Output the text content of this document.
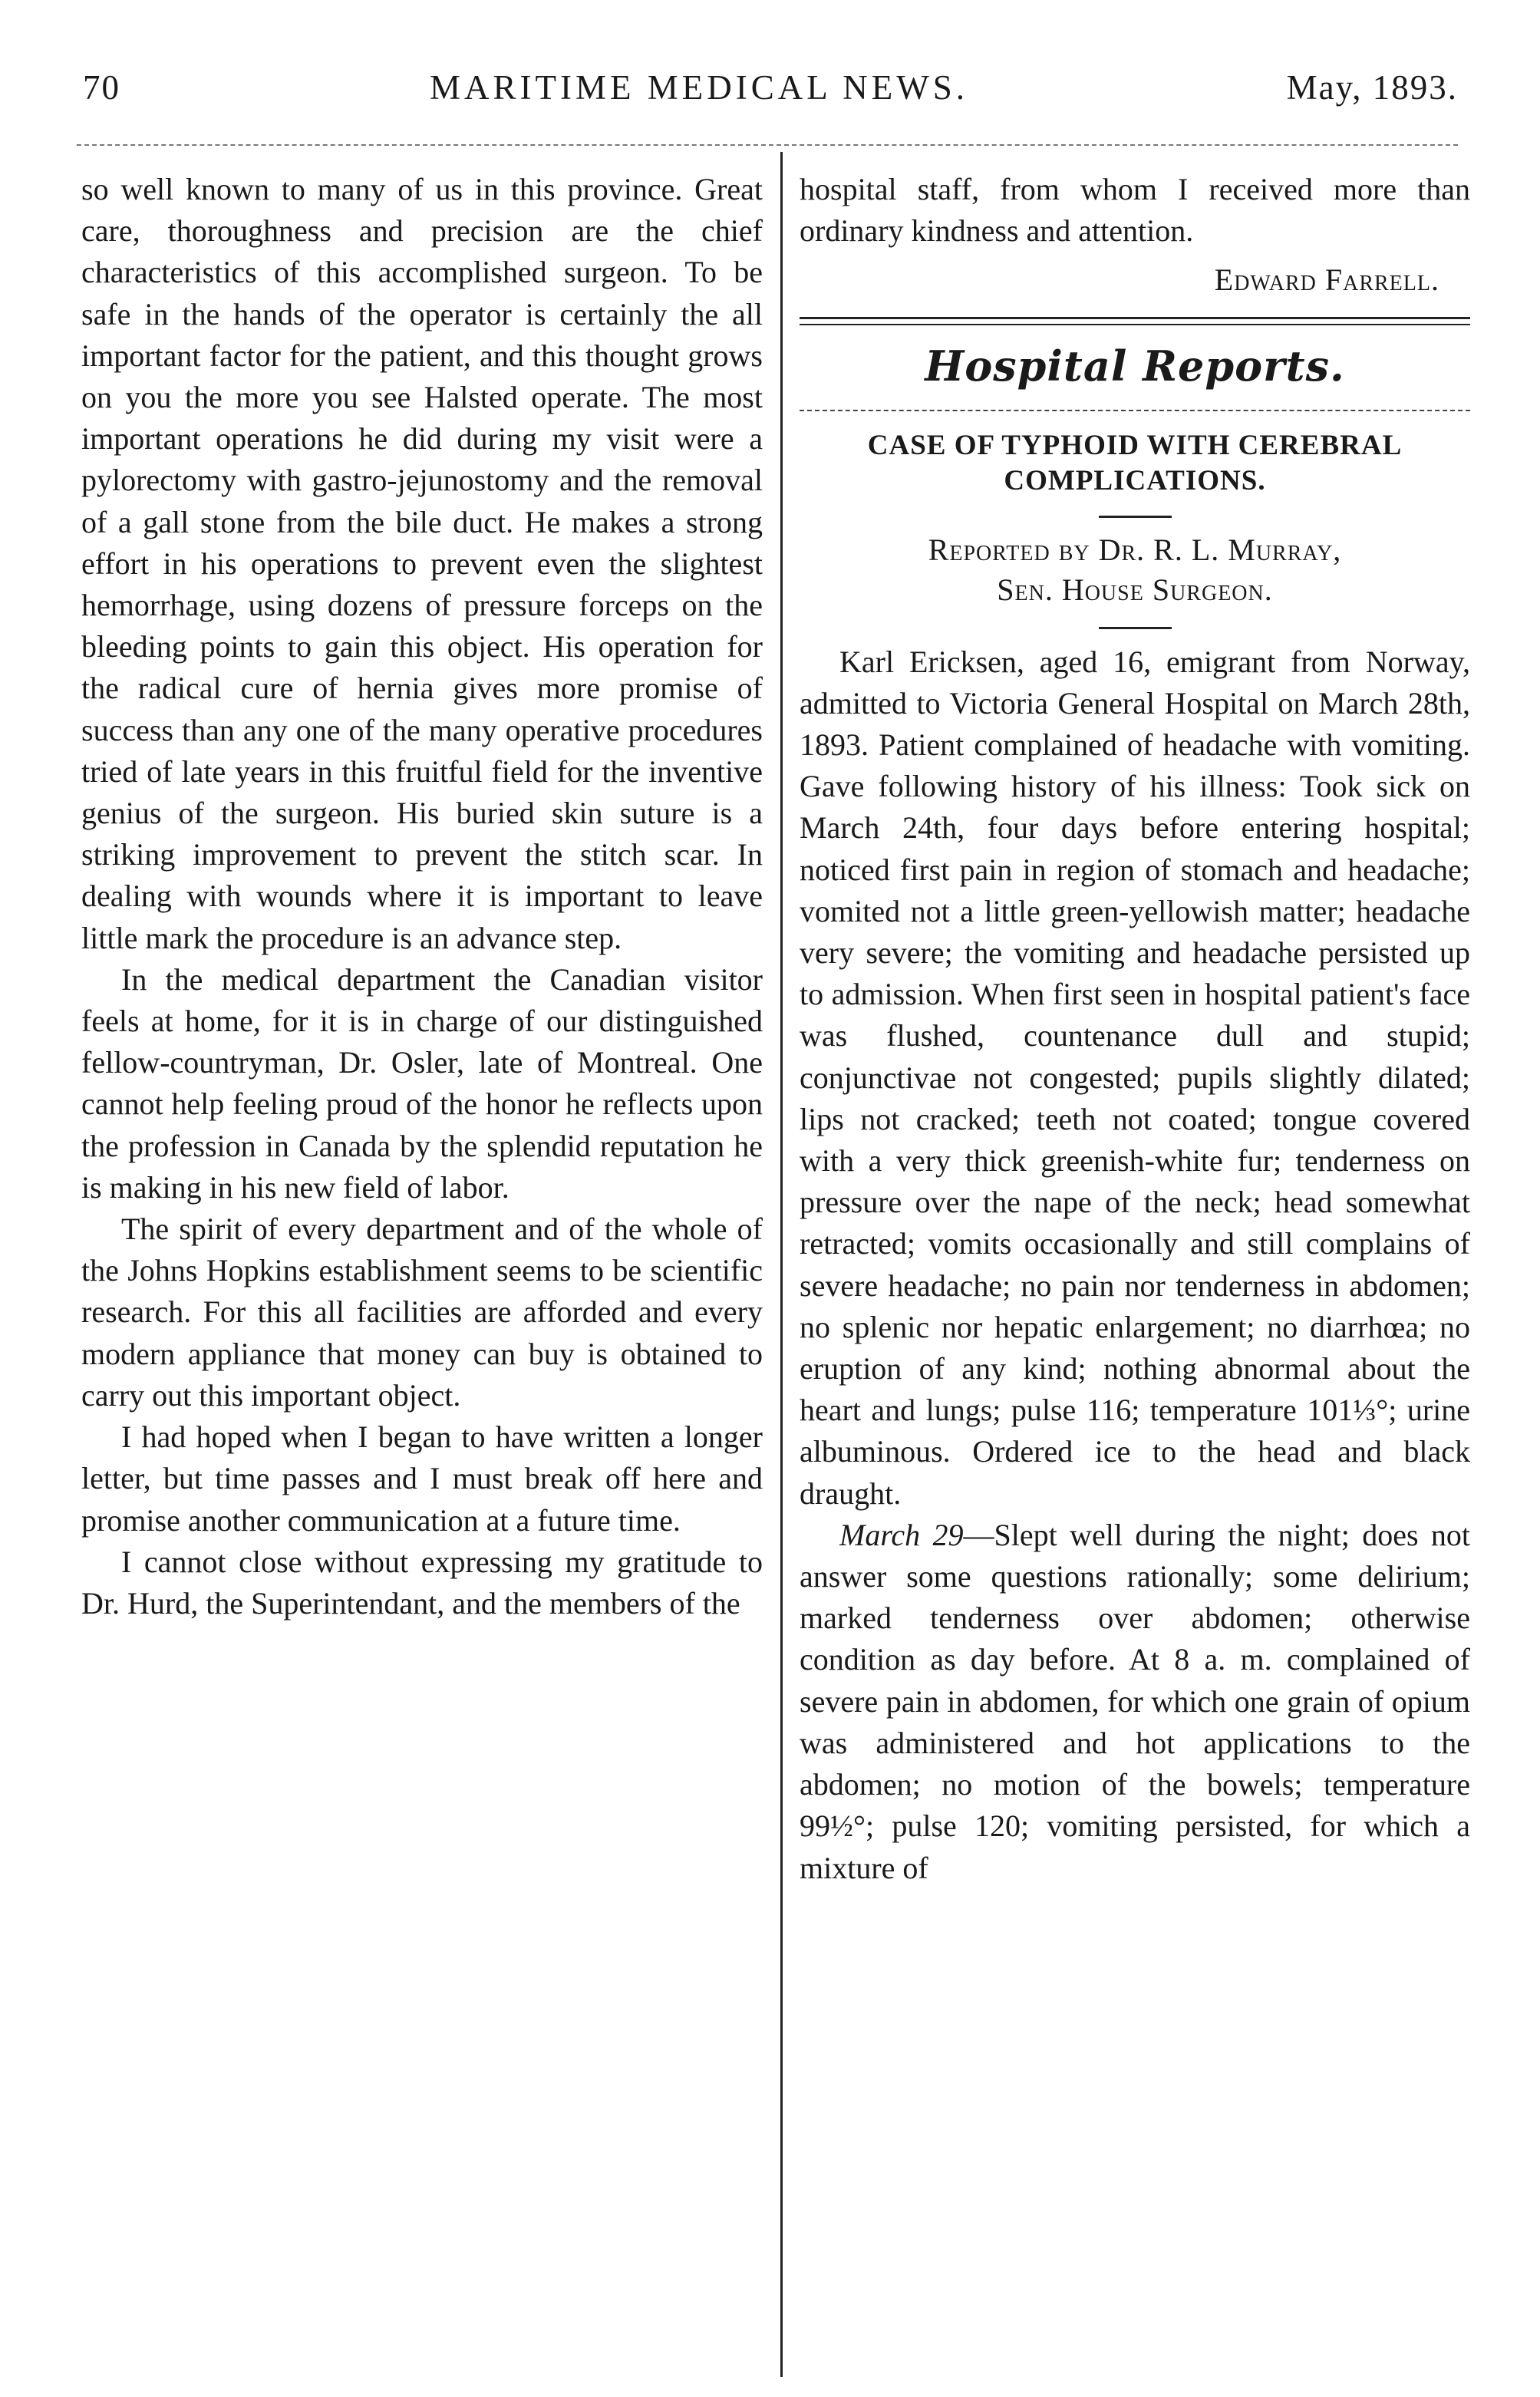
70	MARITIME MEDICAL NEWS.	May, 1893.

so well known to many of us in this province. Great care, thoroughness and precision are the chief characteristics of this accomplished surgeon. To be safe in the hands of the operator is certainly the all important factor for the patient, and this thought grows on you the more you see Halsted operate. The most important operations he did during my visit were a pylorectomy with gastro-jejunostomy and the removal of a gall stone from the bile duct. He makes a strong effort in his operations to prevent even the slightest hemorrhage, using dozens of pressure forceps on the bleeding points to gain this object. His operation for the radical cure of hernia gives more promise of success than any one of the many operative procedures tried of late years in this fruitful field for the inventive genius of the surgeon. His buried skin suture is a striking improvement to prevent the stitch scar. In dealing with wounds where it is important to leave little mark the procedure is an advance step.

In the medical department the Canadian visitor feels at home, for it is in charge of our distinguished fellow-countryman, Dr. Osler, late of Montreal. One cannot help feeling proud of the honor he reflects upon the profession in Canada by the splendid reputation he is making in his new field of labor.

The spirit of every department and of the whole of the Johns Hopkins establishment seems to be scientific research. For this all facilities are afforded and every modern appliance that money can buy is obtained to carry out this important object.

I had hoped when I began to have written a longer letter, but time passes and I must break off here and promise another communication at a future time.

I cannot close without expressing my gratitude to Dr. Hurd, the Superintendant, and the members of the

hospital staff, from whom I received more than ordinary kindness and attention.

Edward Farrell.
Hospital Reports.
CASE OF TYPHOID WITH CEREBRAL COMPLICATIONS.
Reported by Dr. R. L. Murray,
Sen. House Surgeon.

Karl Ericksen, aged 16, emigrant from Norway, admitted to Victoria General Hospital on March 28th, 1893. Patient complained of headache with vomiting. Gave following history of his illness: Took sick on March 24th, four days before entering hospital; noticed first pain in region of stomach and headache; vomited not a little green-yellowish matter; headache very severe; the vomiting and headache persisted up to admission. When first seen in hospital patient's face was flushed, countenance dull and stupid; conjunctivae not congested; pupils slightly dilated; lips not cracked; teeth not coated; tongue covered with a very thick greenish-white fur; tenderness on pressure over the nape of the neck; head somewhat retracted; vomits occasionally and still complains of severe headache; no pain nor tenderness in abdomen; no splenic nor hepatic enlargement; no diarrhœa; no eruption of any kind; nothing abnormal about the heart and lungs; pulse 116; temperature 101⅓°; urine albuminous. Ordered ice to the head and black draught.

March 29—Slept well during the night; does not answer some questions rationally; some delirium; marked tenderness over abdomen; otherwise condition as day before. At 8 a. m. complained of severe pain in abdomen, for which one grain of opium was administered and hot applications to the abdomen; no motion of the bowels; temperature 99½°; pulse 120; vomiting persisted, for which a mixture of
